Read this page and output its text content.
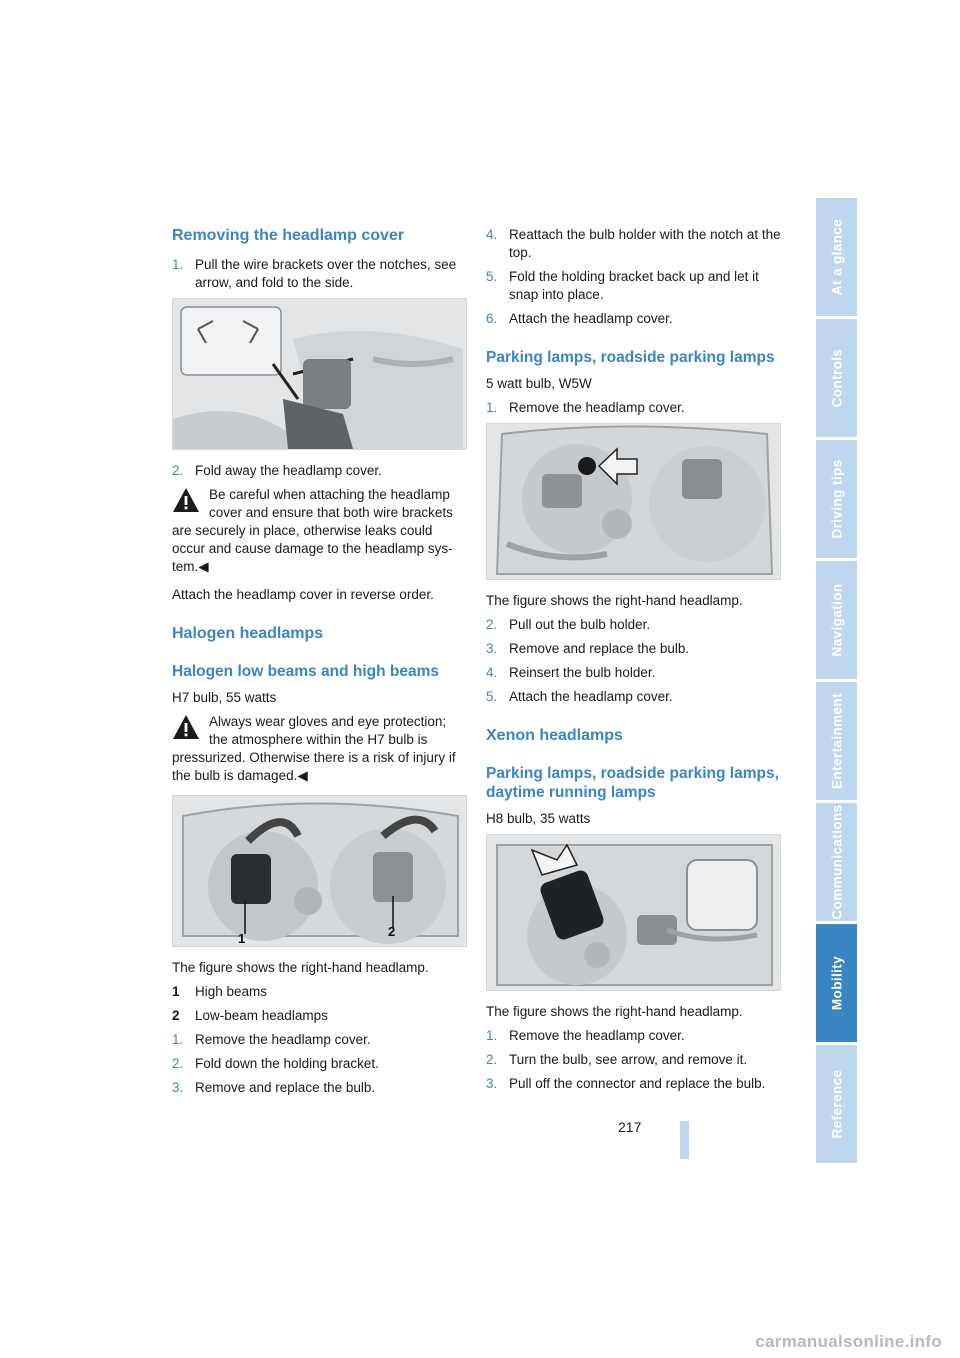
Removing the headlamp cover
1. Pull the wire brackets over the notches, see arrow, and fold to the side.
2. Fold away the headlamp cover.
Be careful when attaching the headlamp cover and ensure that both wire brackets are securely in place, otherwise leaks could occur and cause damage to the headlamp sys-tem.◀

Attach the headlamp cover in reverse order.

Halogen headlamps
Halogen low beams and high beams

H7 bulb, 55 watts

Always wear gloves and eye protection; the atmosphere within the H7 bulb is pressurized. Otherwise there is a risk of injury if the bulb is damaged.◀
1	2

The figure shows the right-hand headlamp.

1	High beams
2	Low-beam headlamps
1. Remove the headlamp cover.
2. Fold down the holding bracket.
3. Remove and replace the bulb.
4. Reattach the bulb holder with the notch at the top.
5. Fold the holding bracket back up and let it snap into place.
6. Attach the headlamp cover.
Parking lamps, roadside parking lamps

5 watt bulb, W5W

1. Remove the headlamp cover.

The figure shows the right-hand headlamp.

2. Pull out the bulb holder.
3. Remove and replace the bulb.
4. Reinsert the bulb holder.
5. Attach the headlamp cover.
Xenon headlamps
Parking lamps, roadside parking lamps, daytime running lamps

H8 bulb, 35 watts

The figure shows the right-hand headlamp.

1. Remove the headlamp cover.
2. Turn the bulb, see arrow, and remove it.
3. Pull off the connector and replace the bulb.
At a glance
Controls
Driving tips
Navigation
Entertainment
Communications
Mobility
Reference
217
carmanualsonline.info
